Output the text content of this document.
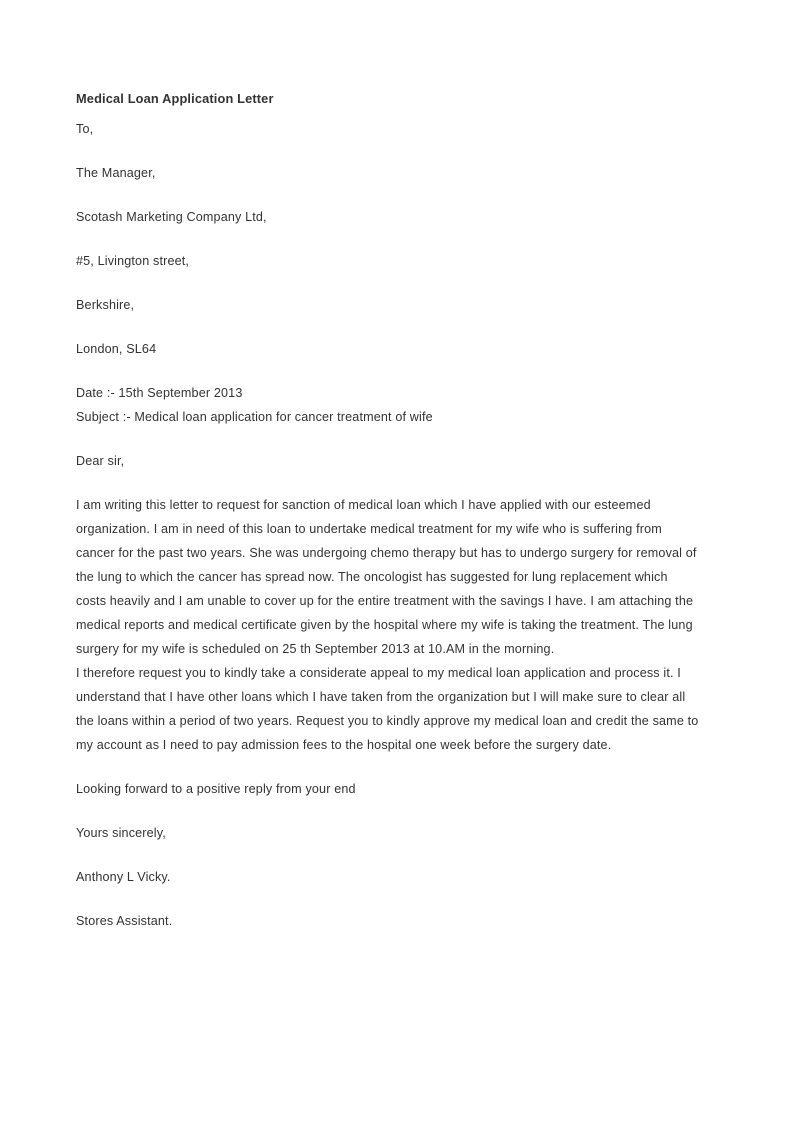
Medical Loan Application Letter
To,
The Manager,
Scotash Marketing Company Ltd,
#5, Livington street,
Berkshire,
London, SL64
Date :- 15th September 2013
Subject :- Medical loan application for cancer treatment of wife
Dear sir,
I am writing this letter to request for sanction of medical loan which I have applied with our esteemed
organization. I am in need of this loan to undertake medical treatment for my wife who is suffering from
cancer for the past two years. She was undergoing chemo therapy but has to undergo surgery for removal of
the lung to which the cancer has spread now. The oncologist has suggested for lung replacement which
costs heavily and I am unable to cover up for the entire treatment with the savings I have. I am attaching the
medical reports and medical certificate given by the hospital where my wife is taking the treatment. The lung
surgery for my wife is scheduled on 25 th September 2013 at 10.AM in the morning.
I therefore request you to kindly take a considerate appeal to my medical loan application and process it. I
understand that I have other loans which I have taken from the organization but I will make sure to clear all
the loans within a period of two years. Request you to kindly approve my medical loan and credit the same to
my account as I need to pay admission fees to the hospital one week before the surgery date.
Looking forward to a positive reply from your end
Yours sincerely,
Anthony L Vicky.
Stores Assistant.
